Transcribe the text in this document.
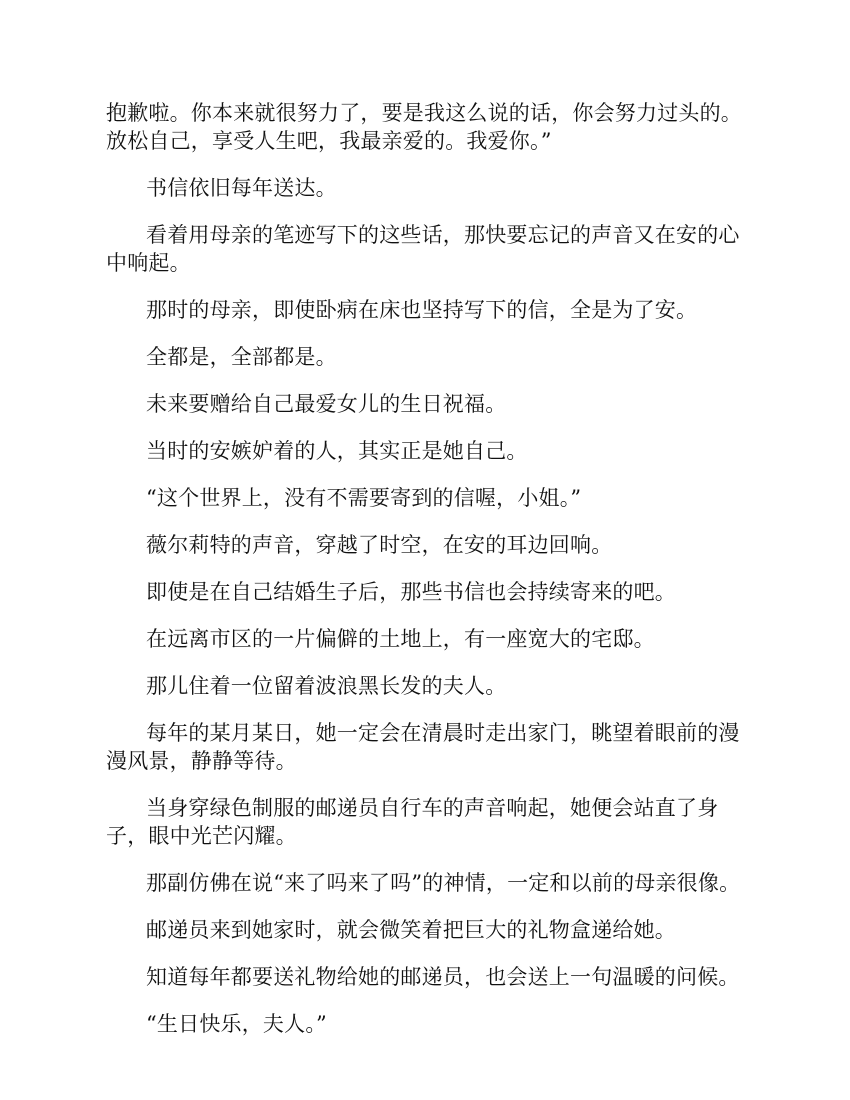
抱歉啦。你本来就很努力了，要是我这么说的话，你会努力过头的。放松自己，享受人生吧，我最亲爱的。我爱你。”

书信依旧每年送达。

看着用母亲的笔迹写下的这些话，那快要忘记的声音又在安的心中响起。

那时的母亲，即使卧病在床也坚持写下的信，全是为了安。

全都是，全部都是。

未来要赠给自己最爱女儿的生日祝福。

当时的安嫉妒着的人，其实正是她自己。

“这个世界上，没有不需要寄到的信喔，小姐。”

薇尔莉特的声音，穿越了时空，在安的耳边回响。

即使是在自己结婚生子后，那些书信也会持续寄来的吧。

在远离市区的一片偏僻的土地上，有一座宽大的宅邸。

那儿住着一位留着波浪黑长发的夫人。

每年的某月某日，她一定会在清晨时走出家门，眺望着眼前的漫漫风景，静静等待。

当身穿绿色制服的邮递员自行车的声音响起，她便会站直了身子，眼中光芒闪耀。

那副仿佛在说“来了吗来了吗”的神情，一定和以前的母亲很像。

邮递员来到她家时，就会微笑着把巨大的礼物盒递给她。

知道每年都要送礼物给她的邮递员，也会送上一句温暖的问候。

“生日快乐，夫人。”
